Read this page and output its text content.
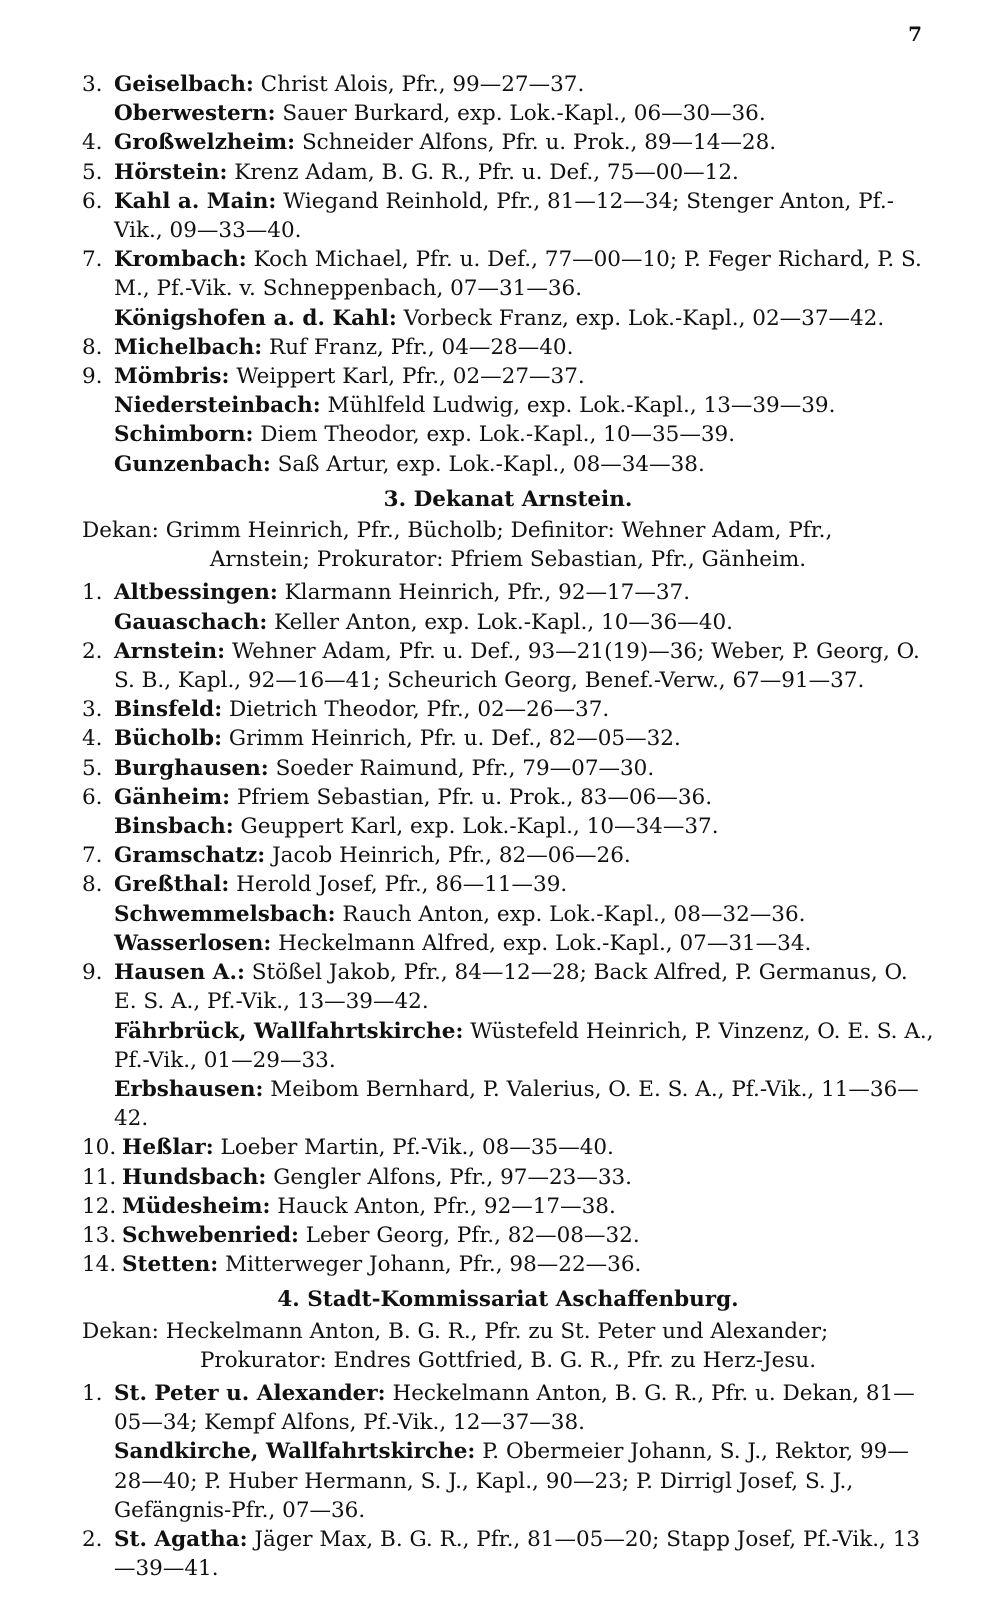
7
3. Geiselbach: Christ Alois, Pfr., 99—27—37.
Oberwestern: Sauer Burkard, exp. Lok.-Kapl., 06—30—36.
4. Großwelzheim: Schneider Alfons, Pfr. u. Prok., 89—14—28.
5. Hörstein: Krenz Adam, B. G. R., Pfr. u. Def., 75—00—12.
6. Kahl a. Main: Wiegand Reinhold, Pfr., 81—12—34; Stenger Anton, Pf.-Vik., 09—33—40.
7. Krombach: Koch Michael, Pfr. u. Def., 77—00—10; P. Feger Richard, P. S. M., Pf.-Vik. v. Schneppenbach, 07—31—36.
Königshofen a. d. Kahl: Vorbeck Franz, exp. Lok.-Kapl., 02—37—42.
8. Michelbach: Ruf Franz, Pfr., 04—28—40.
9. Mömbris: Weippert Karl, Pfr., 02—27—37.
Niedersteinbach: Mühlfeld Ludwig, exp. Lok.-Kapl., 13—39—39.
Schimborn: Diem Theodor, exp. Lok.-Kapl., 10—35—39.
Gunzenbach: Saß Artur, exp. Lok.-Kapl., 08—34—38.
3. Dekanat Arnstein.
Dekan: Grimm Heinrich, Pfr., Bücholb; Definitor: Wehner Adam, Pfr.,
Arnstein; Prokurator: Pfriem Sebastian, Pfr., Gänheim.
1. Altbessingen: Klarmann Heinrich, Pfr., 92—17—37.
Gauaschach: Keller Anton, exp. Lok.-Kapl., 10—36—40.
2. Arnstein: Wehner Adam, Pfr. u. Def., 93—21(19)—36; Weber, P. Georg, O. S. B., Kapl., 92—16—41; Scheurich Georg, Benef.-Verw., 67—91—37.
3. Binsfeld: Dietrich Theodor, Pfr., 02—26—37.
4. Bücholb: Grimm Heinrich, Pfr. u. Def., 82—05—32.
5. Burghausen: Soeder Raimund, Pfr., 79—07—30.
6. Gänheim: Pfriem Sebastian, Pfr. u. Prok., 83—06—36.
Binsbach: Geuppert Karl, exp. Lok.-Kapl., 10—34—37.
7. Gramschatz: Jacob Heinrich, Pfr., 82—06—26.
8. Greßthal: Herold Josef, Pfr., 86—11—39.
Schwemmelsbach: Rauch Anton, exp. Lok.-Kapl., 08—32—36.
Wasserlosen: Heckelmann Alfred, exp. Lok.-Kapl., 07—31—34.
9. Hausen A.: Stößel Jakob, Pfr., 84—12—28; Back Alfred, P. Germanus, O. E. S. A., Pf.-Vik., 13—39—42.
Fährbrück, Wallfahrtskirche: Wüstefeld Heinrich, P. Vinzenz, O. E. S. A., Pf.-Vik., 01—29—33.
Erbshausen: Meibom Bernhard, P. Valerius, O. E. S. A., Pf.-Vik., 11—36—42.
10. Heßlar: Loeber Martin, Pf.-Vik., 08—35—40.
11. Hundsbach: Gengler Alfons, Pfr., 97—23—33.
12. Müdesheim: Hauck Anton, Pfr., 92—17—38.
13. Schwebenried: Leber Georg, Pfr., 82—08—32.
14. Stetten: Mitterweger Johann, Pfr., 98—22—36.
4. Stadt-Kommissariat Aschaffenburg.
Dekan: Heckelmann Anton, B. G. R., Pfr. zu St. Peter und Alexander;
Prokurator: Endres Gottfried, B. G. R., Pfr. zu Herz-Jesu.
1. St. Peter u. Alexander: Heckelmann Anton, B. G. R., Pfr. u. Dekan, 81—05—34; Kempf Alfons, Pf.-Vik., 12—37—38.
Sandkirche, Wallfahrtskirche: P. Obermeier Johann, S. J., Rektor, 99—28—40; P. Huber Hermann, S. J., Kapl., 90—23; P. Dirrigl Josef, S. J., Gefängnis-Pfr., 07—36.
2. St. Agatha: Jäger Max, B. G. R., Pfr., 81—05—20; Stapp Josef, Pf.-Vik., 13—39—41.
